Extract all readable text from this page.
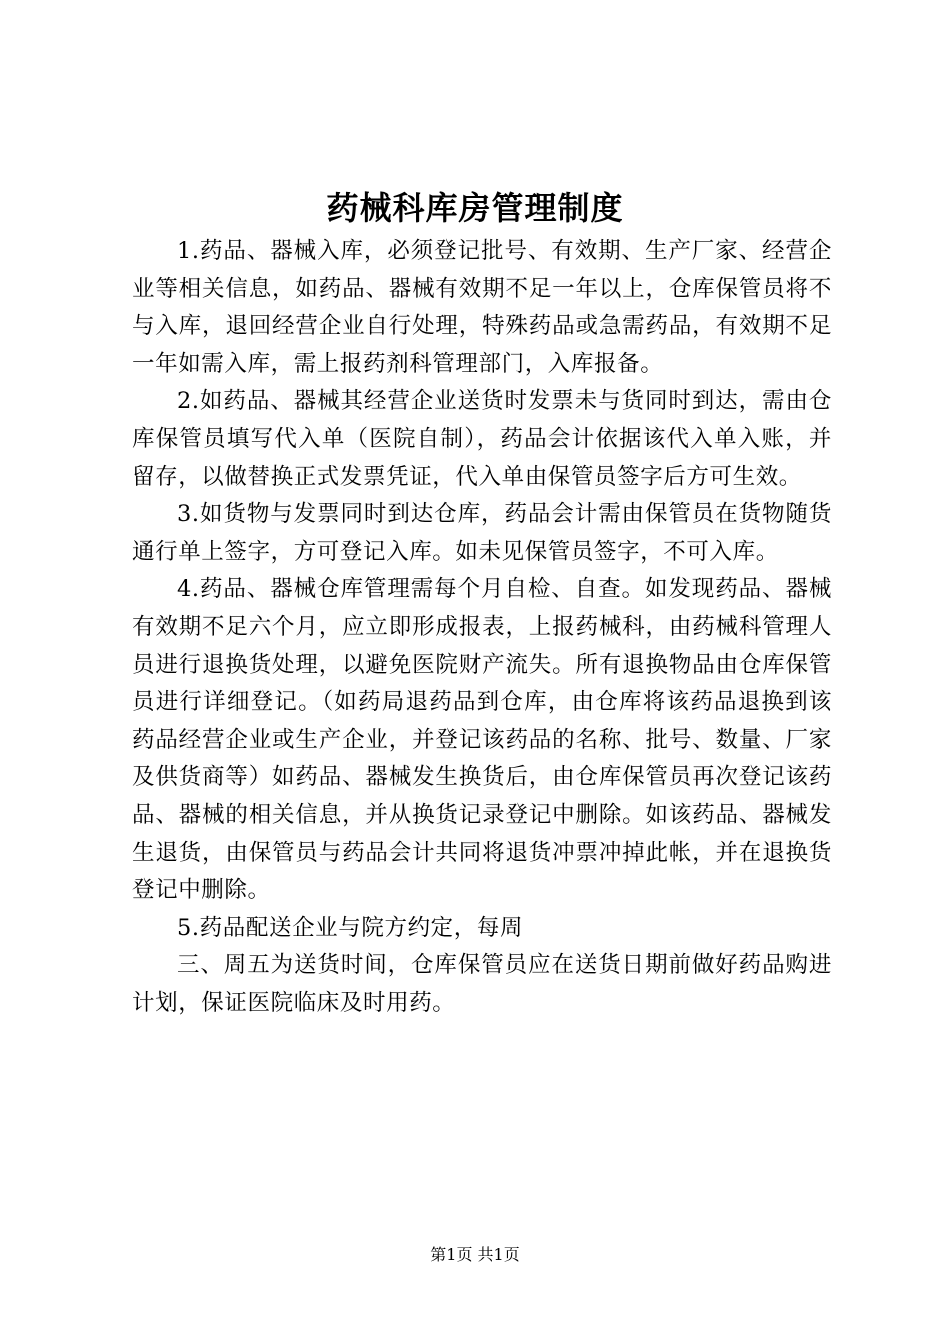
药械科库房管理制度

1.药品、器械入库，必须登记批号、有效期、生产厂家、经营企业等相关信息，如药品、器械有效期不足一年以上，仓库保管员将不与入库，退回经营企业自行处理，特殊药品或急需药品，有效期不足一年如需入库，需上报药剂科管理部门，入库报备。

2.如药品、器械其经营企业送货时发票未与货同时到达，需由仓库保管员填写代入单（医院自制），药品会计依据该代入单入账，并留存，以做替换正式发票凭证，代入单由保管员签字后方可生效。

3.如货物与发票同时到达仓库，药品会计需由保管员在货物随货通行单上签字，方可登记入库。如未见保管员签字，不可入库。

4.药品、器械仓库管理需每个月自检、自查。如发现药品、器械有效期不足六个月，应立即形成报表，上报药械科，由药械科管理人员进行退换货处理，以避免医院财产流失。所有退换物品由仓库保管员进行详细登记。（如药局退药品到仓库，由仓库将该药品退换到该药品经营企业或生产企业，并登记该药品的名称、批号、数量、厂家及供货商等）如药品、器械发生换货后，由仓库保管员再次登记该药品、器械的相关信息，并从换货记录登记中删除。如该药品、器械发生退货，由保管员与药品会计共同将退货冲票冲掉此帐，并在退换货登记中删除。

5.药品配送企业与院方约定，每周

三、周五为送货时间，仓库保管员应在送货日期前做好药品购进计划，保证医院临床及时用药。

第1页 共1页
